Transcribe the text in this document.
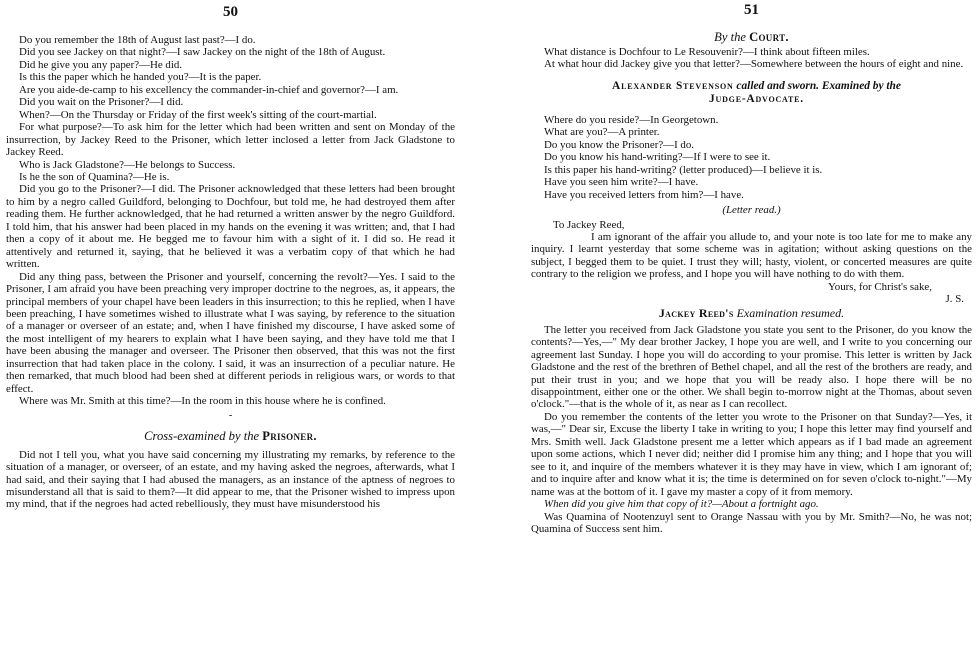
50

Do you remember the 18th of August last past?—I do.

Did you see Jackey on that night?—I saw Jackey on the night of the 18th of August.

Did he give you any paper?—He did.

Is this the paper which he handed you?—It is the paper.

Are you aide-de-camp to his excellency the commander-in-chief and governor?—I am.

Did you wait on the Prisoner?—I did.

When?—On the Thursday or Friday of the first week's sitting of the court-martial.

For what purpose?—To ask him for the letter which had been written and sent on Monday of the insurrection, by Jackey Reed to the Prisoner, which letter inclosed a letter from Jack Gladstone to Jackey Reed.

Who is Jack Gladstone?—He belongs to Success.

Is he the son of Quamina?—He is.

Did you go to the Prisoner?—I did. The Prisoner acknowledged that these letters had been brought to him by a negro called Guildford, belonging to Dochfour, but told me, he had destroyed them after reading them. He further acknowledged, that he had returned a written answer by the negro Guildford. I told him, that his answer had been placed in my hands on the evening it was written; and, that I had then a copy of it about me. He begged me to favour him with a sight of it. I did so. He read it attentively and returned it, saying, that he believed it was a verbatim copy of that which he had written.

Did any thing pass, between the Prisoner and yourself, concerning the revolt?—Yes. I said to the Prisoner, I am afraid you have been preaching very improper doctrine to the negroes, as, it appears, the principal members of your chapel have been leaders in this insurrection; to this he replied, when I have been preaching, I have sometimes wished to illustrate what I was saying, by reference to the situation of a manager or overseer of an estate; and, when I have finished my discourse, I have asked some of the most intelligent of my hearers to explain what I have been saying, and they have told me that I have been abusing the manager and overseer. The Prisoner then observed, that this was not the first insurrection that had taken place in the colony. I said, it was an insurrection of a peculiar nature. He then remarked, that much blood had been shed at different periods in religious wars, or words to that effect.

Where was Mr. Smith at this time?—In the room in this house where he is confined.

-
Cross-examined by the Prisoner.

Did not I tell you, what you have said concerning my illustrating my remarks, by reference to the situation of a manager, or overseer, of an estate, and my having asked the negroes, afterwards, what I had said, and their saying that I had abused the managers, as an instance of the aptness of negroes to misunderstand all that is said to them?—It did appear to me, that the Prisoner wished to impress upon my mind, that if the negroes had acted rebelliously, they must have misunderstood his

51
By the Court.

What distance is Dochfour to Le Resouvenir?—I think about fifteen miles.

At what hour did Jackey give you that letter?—Somewhere between the hours of eight and nine.

Alexander Stevenson called and sworn. Examined by the
Judge-Advocate.

Where do you reside?—In Georgetown.

What are you?—A printer.

Do you know the Prisoner?—I do.

Do you know his hand-writing?—If I were to see it.

Is this paper his hand-writing? (letter produced)—I believe it is.

Have you seen him write?—I have.

Have you received letters from him?—I have.

(Letter read.)

To Jackey Reed,

I am ignorant of the affair you allude to, and your note is too late for me to make any inquiry. I learnt yesterday that some scheme was in agitation; without asking questions on the subject, I begged them to be quiet. I trust they will; hasty, violent, or concerted measures are quite contrary to the religion we profess, and I hope you will have nothing to do with them.

Yours, for Christ's sake,

J. S.

Jackey Reed's Examination resumed.

The letter you received from Jack Gladstone you state you sent to the Prisoner, do you know the contents?—Yes,—" My dear brother Jackey, I hope you are well, and I write to you concerning our agreement last Sunday. I hope you will do according to your promise. This letter is written by Jack Gladstone and the rest of the brethren of Bethel chapel, and all the rest of the brothers are ready, and put their trust in you; and we hope that you will be ready also. I hope there will be no disappointment, either one or the other. We shall begin to-morrow night at the Thomas, about seven o'clock."—that is the whole of it, as near as I can recollect.

Do you remember the contents of the letter you wrote to the Prisoner on that Sunday?—Yes, it was,—" Dear sir, Excuse the liberty I take in writing to you; I hope this letter may find yourself and Mrs. Smith well. Jack Gladstone present me a letter which appears as if I bad made an agreement upon some actions, which I never did; neither did I promise him any thing; and I hope that you will see to it, and inquire of the members whatever it is they may have in view, which I am ignorant of; and to inquire after and know what it is; the time is determined on for seven o'clock to-night."—My name was at the bottom of it. I gave my master a copy of it from memory.

When did you give him that copy of it?—About a fortnight ago.

Was Quamina of Nootenzuyl sent to Orange Nassau with you by Mr. Smith?—No, he was not; Quamina of Success sent him.
